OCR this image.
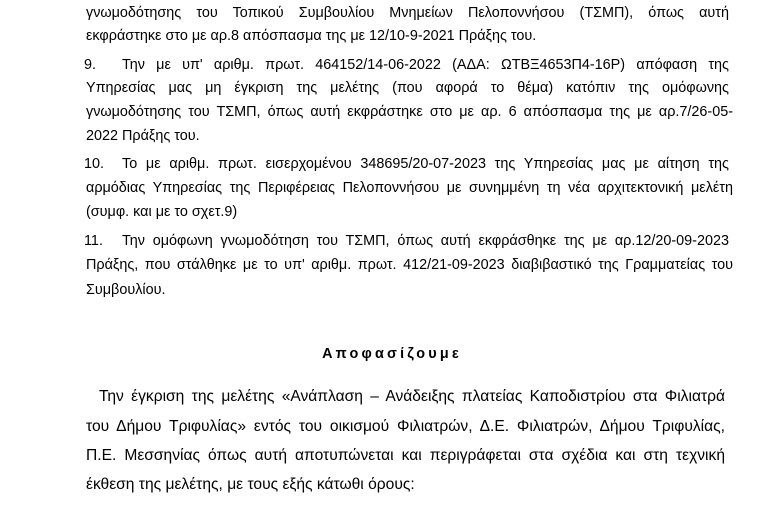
γνωμοδότησης του Τοπικού Συμβουλίου Μνημείων Πελοποννήσου (ΤΣΜΠ), όπως αυτή
εκφράστηκε στο με αρ.8 απόσπασμα της με 12/10-9-2021 Πράξης του.
9. Την με υπ' αριθμ. πρωτ. 464152/14-06-2022 (ΑΔΑ: ΩΤΒΞ4653Π4-16Ρ) απόφαση της
Υπηρεσίας μας μη έγκριση της μελέτης (που αφορά το θέμα) κατόπιν της ομόφωνης
γνωμοδότησης του ΤΣΜΠ, όπως αυτή εκφράστηκε στο με αρ. 6 απόσπασμα της με αρ.7/26-05-
2022 Πράξης του.
10. Το με αριθμ. πρωτ. εισερχομένου 348695/20-07-2023 της Υπηρεσίας μας με αίτηση της
αρμόδιας Υπηρεσίας της Περιφέρειας Πελοποννήσου με συνημμένη τη νέα αρχιτεκτονική μελέτη
(συμφ. και με το σχετ.9)
11. Την ομόφωνη γνωμοδότηση του ΤΣΜΠ, όπως αυτή εκφράσθηκε της με αρ.12/20-09-2023
Πράξης, που στάλθηκε με το υπ' αριθμ. πρωτ. 412/21-09-2023 διαβιβαστικό της Γραμματείας του
Συμβουλίου.
Αποφασίζουμε
Την έγκριση της μελέτης «Ανάπλαση – Ανάδειξης πλατείας Καποδιστρίου στα Φιλιατρά
του Δήμου Τριφυλίας» εντός του οικισμού Φιλιατρών, Δ.Ε. Φιλιατρών, Δήμου Τριφυλίας,
Π.Ε. Μεσσηνίας όπως αυτή αποτυπώνεται και περιγράφεται στα σχέδια και στη τεχνική
έκθεση της μελέτης, με τους εξής κάτωθι όρους:
